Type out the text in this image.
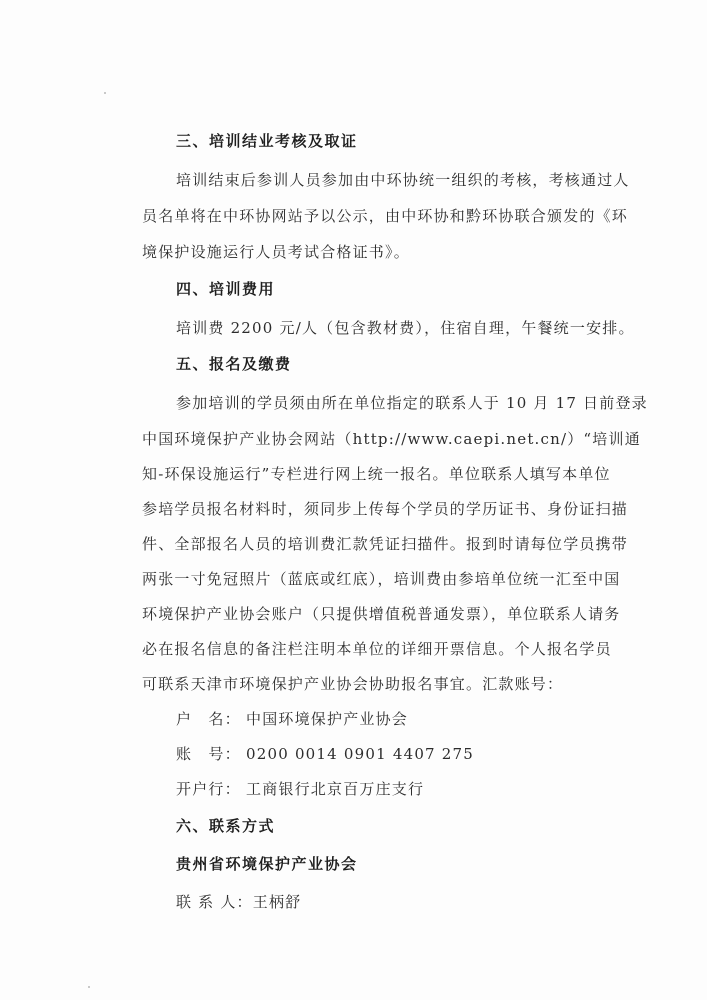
三、培训结业考核及取证
培训结束后参训人员参加由中环协统一组织的考核，考核通过人
员名单将在中环协网站予以公示，由中环协和黔环协联合颁发的《环
境保护设施运行人员考试合格证书》。
四、培训费用
培训费 2200 元/人（包含教材费），住宿自理，午餐统一安排。
五、报名及缴费
参加培训的学员须由所在单位指定的联系人于 10 月 17 日前登录
中国环境保护产业协会网站（http://www.caepi.net.cn/）“培训通
知-环保设施运行”专栏进行网上统一报名。单位联系人填写本单位
参培学员报名材料时，须同步上传每个学员的学历证书、身份证扫描
件、全部报名人员的培训费汇款凭证扫描件。报到时请每位学员携带
两张一寸免冠照片（蓝底或红底），培训费由参培单位统一汇至中国
环境保护产业协会账户（只提供增值税普通发票），单位联系人请务
必在报名信息的备注栏注明本单位的详细开票信息。个人报名学员
可联系天津市环境保护产业协会协助报名事宜。汇款账号：
户　名： 中国环境保护产业协会
账　号： 0200 0014 0901 4407 275
开户行： 工商银行北京百万庄支行
六、联系方式
贵州省环境保护产业协会
联 系 人：王柄舒
